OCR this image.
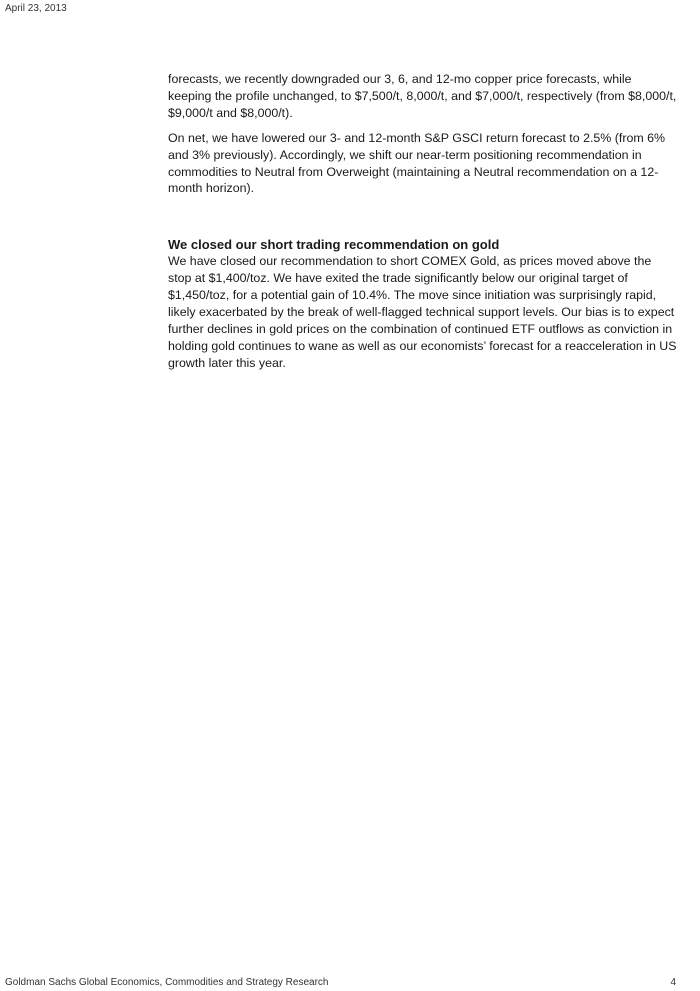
April 23, 2013

forecasts, we recently downgraded our 3, 6, and 12-mo copper price forecasts, while keeping the profile unchanged, to $7,500/t, 8,000/t, and $7,000/t, respectively (from $8,000/t, $9,000/t and $8,000/t).

On net, we have lowered our 3- and 12-month S&P GSCI return forecast to 2.5% (from 6% and 3% previously). Accordingly, we shift our near-term positioning recommendation in commodities to Neutral from Overweight (maintaining a Neutral recommendation on a 12-month horizon).

We closed our short trading recommendation on gold

We have closed our recommendation to short COMEX Gold, as prices moved above the stop at $1,400/toz. We have exited the trade significantly below our original target of $1,450/toz, for a potential gain of 10.4%. The move since initiation was surprisingly rapid, likely exacerbated by the break of well-flagged technical support levels. Our bias is to expect further declines in gold prices on the combination of continued ETF outflows as conviction in holding gold continues to wane as well as our economists’ forecast for a reacceleration in US growth later this year.

Goldman Sachs Global Economics, Commodities and Strategy Research	4
